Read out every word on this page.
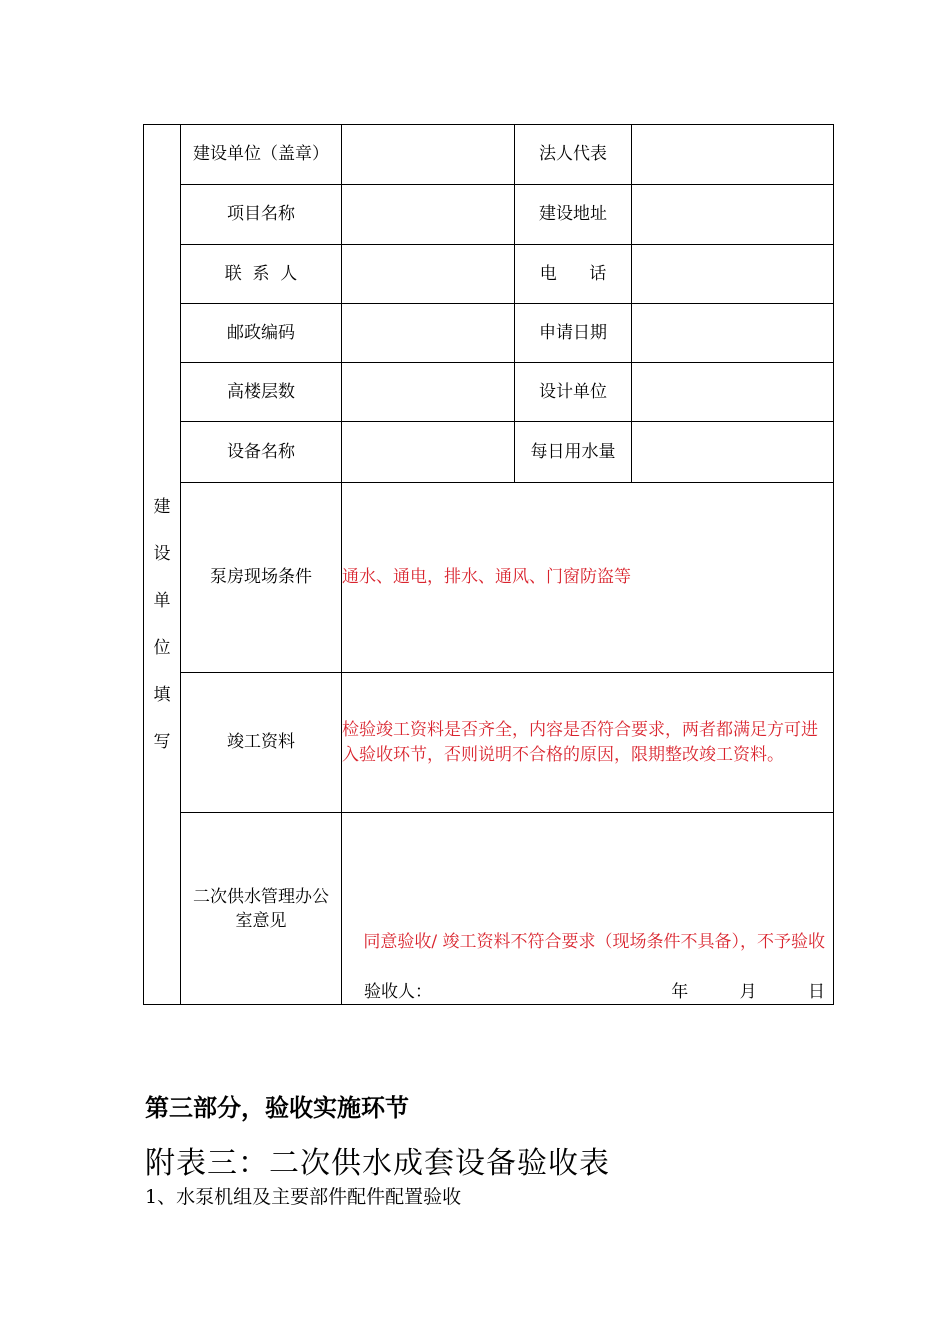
建设单位填写	建设单位（盖章）		法人代表	
	项目名称		建设地址	
	联  系  人		电      话	
	邮政编码		申请日期	
	高楼层数		设计单位	
	设备名称		每日用水量	
	泵房现场条件	通水、通电，排水、通风、门窗防盗等		
	竣工资料	检验竣工资料是否齐全，内容是否符合要求，两者都满足方可进入验收环节，否则说明不合格的原因，限期整改竣工资料。		

	二次供水管理办公室意见	同意验收/ 竣工资料不符合要求（现场条件不具备），不予验收
验收人： 年 月 日		
第三部分，验收实施环节
附表三：二次供水成套设备验收表
1、水泵机组及主要部件配件配置验收
